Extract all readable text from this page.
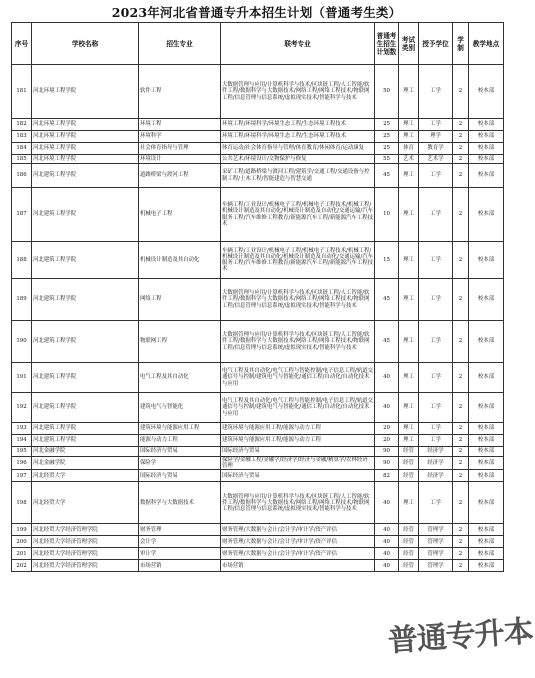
2023年河北省普通专升本招生计划（普通考生类）
序号	学校名称	招生专业	联考专业	普通考生招生计划数	考试类别	授予学位	学制	教学地点
181	河北环境工程学院	软件工程	大数据管理与应用/计算机科学与技术/区块链工程/人工智能/软件工程/数据科学与大数据技术/网络工程/网络工程技术/物联网工程/信息管理与信息系统/虚拟现实技术/智能科学与技术	50	理工	工学	2	校本部
182	河北环境工程学院	环境工程	环境工程/环境科学/环境生态工程/生态环境工程技术	25	理工	工学	2	校本部
183	河北环境工程学院	环境科学	环境工程/环境科学/环境生态工程/生态环境工程技术	25	理工	理学	2	校本部
184	河北环境工程学院	社会体育指导与管理	体育运动/社会体育指导与管理/体育教育/休闲体育/运动康复	25	体育	教育学	2	校本部
185	河北环境工程学院	环境设计	公共艺术/环境设计/文物保护与修复	55	艺术	艺术学	2	校本部
186	河北建筑工程学院	道路桥梁与渡河工程	采矿工程/道路桥梁与渡河工程/建筑学/交通工程/交通设备与控制工程/土木工程/智能建造与智慧交通	45	理工	工学	2	校本部
187	河北建筑工程学院	机械电子工程	车辆工程/工业设计/机械电子工程/机械电子工程技术/机械工程/机械设计制造及其自动化/机械设计制造及自动化/交通运输/汽车服务工程/汽车维修工程教育/新能源汽车工程/新能源汽车工程技术	10	理工	工学	2	校本部
188	河北建筑工程学院	机械设计制造及其自动化	车辆工程/工业设计/机械电子工程/机械电子工程技术/机械工程/机械设计制造及其自动化/机械设计制造及自动化/交通运输/汽车服务工程/汽车维修工程教育/新能源汽车工程/新能源汽车工程技术	15	理工	工学	2	校本部
189	河北建筑工程学院	网络工程	大数据管理与应用/计算机科学与技术/区块链工程/人工智能/软件工程/数据科学与大数据技术/网络工程/网络工程技术/物联网工程/信息管理与信息系统/虚拟现实技术/智能科学与技术	45	理工	工学	2	校本部
190	河北建筑工程学院	物联网工程	大数据管理与应用/计算机科学与技术/区块链工程/人工智能/软件工程/数据科学与大数据技术/网络工程/网络工程技术/物联网工程/信息管理与信息系统/虚拟现实技术/智能科学与技术	45	理工	工学	2	校本部
191	河北建筑工程学院	电气工程及其自动化	电气工程及其自动化/电气工程与智能控制/电子信息工程/轨道交通信号与控制/建筑电气与智能化/通信工程/自动化/自动化技术与应用	40	理工	工学	2	校本部
192	河北建筑工程学院	建筑电气与智能化	电气工程及其自动化/电气工程与智能控制/电子信息工程/轨道交通信号与控制/建筑电气与智能化/通信工程/自动化/自动化技术与应用	40	理工	工学	2	校本部
193	河北建筑工程学院	建筑环境与能源应用工程	建筑环境与能源应用工程/能源与动力工程	20	理工	工学	2	校本部
194	河北建筑工程学院	能源与动力工程	建筑环境与能源应用工程/能源与动力工程	20	理工	工学	2	校本部
195	河北金融学院	国际经济与贸易	国际经济与贸易	90	经管	经济学	2	校本部
196	河北金融学院	保险学	保险学/金融工程/金融学/经济学/经济与金融/精算学/农林经济管理	90	经管	经济学	2	校本部
197	河北经贸大学	国际经济与贸易	国际经济与贸易	82	经管	经济学	2	校本部
198	河北经贸大学	数据科学与大数据技术	大数据管理与应用/计算机科学与技术/区块链工程/人工智能/软件工程/数据科学与大数据技术/网络工程/网络工程技术/物联网工程/信息管理与信息系统/虚拟现实技术/智能科学与技术	40	理工	工学	2	校本部
199	河北经贸大学经济管理学院	财务管理	财务管理/大数据与会计/会计学/审计学/资产评估	40	经管	管理学	2	校本部
200	河北经贸大学经济管理学院	会计学	财务管理/大数据与会计/会计学/审计学/资产评估	40	经管	管理学	2	校本部
201	河北经贸大学经济管理学院	审计学	财务管理/大数据与会计/会计学/审计学/资产评估	40	经管	管理学	2	校本部
202	河北经贸大学经济管理学院	市场营销	市场营销	40	经管	管理学	2	校本部
普通专升本
